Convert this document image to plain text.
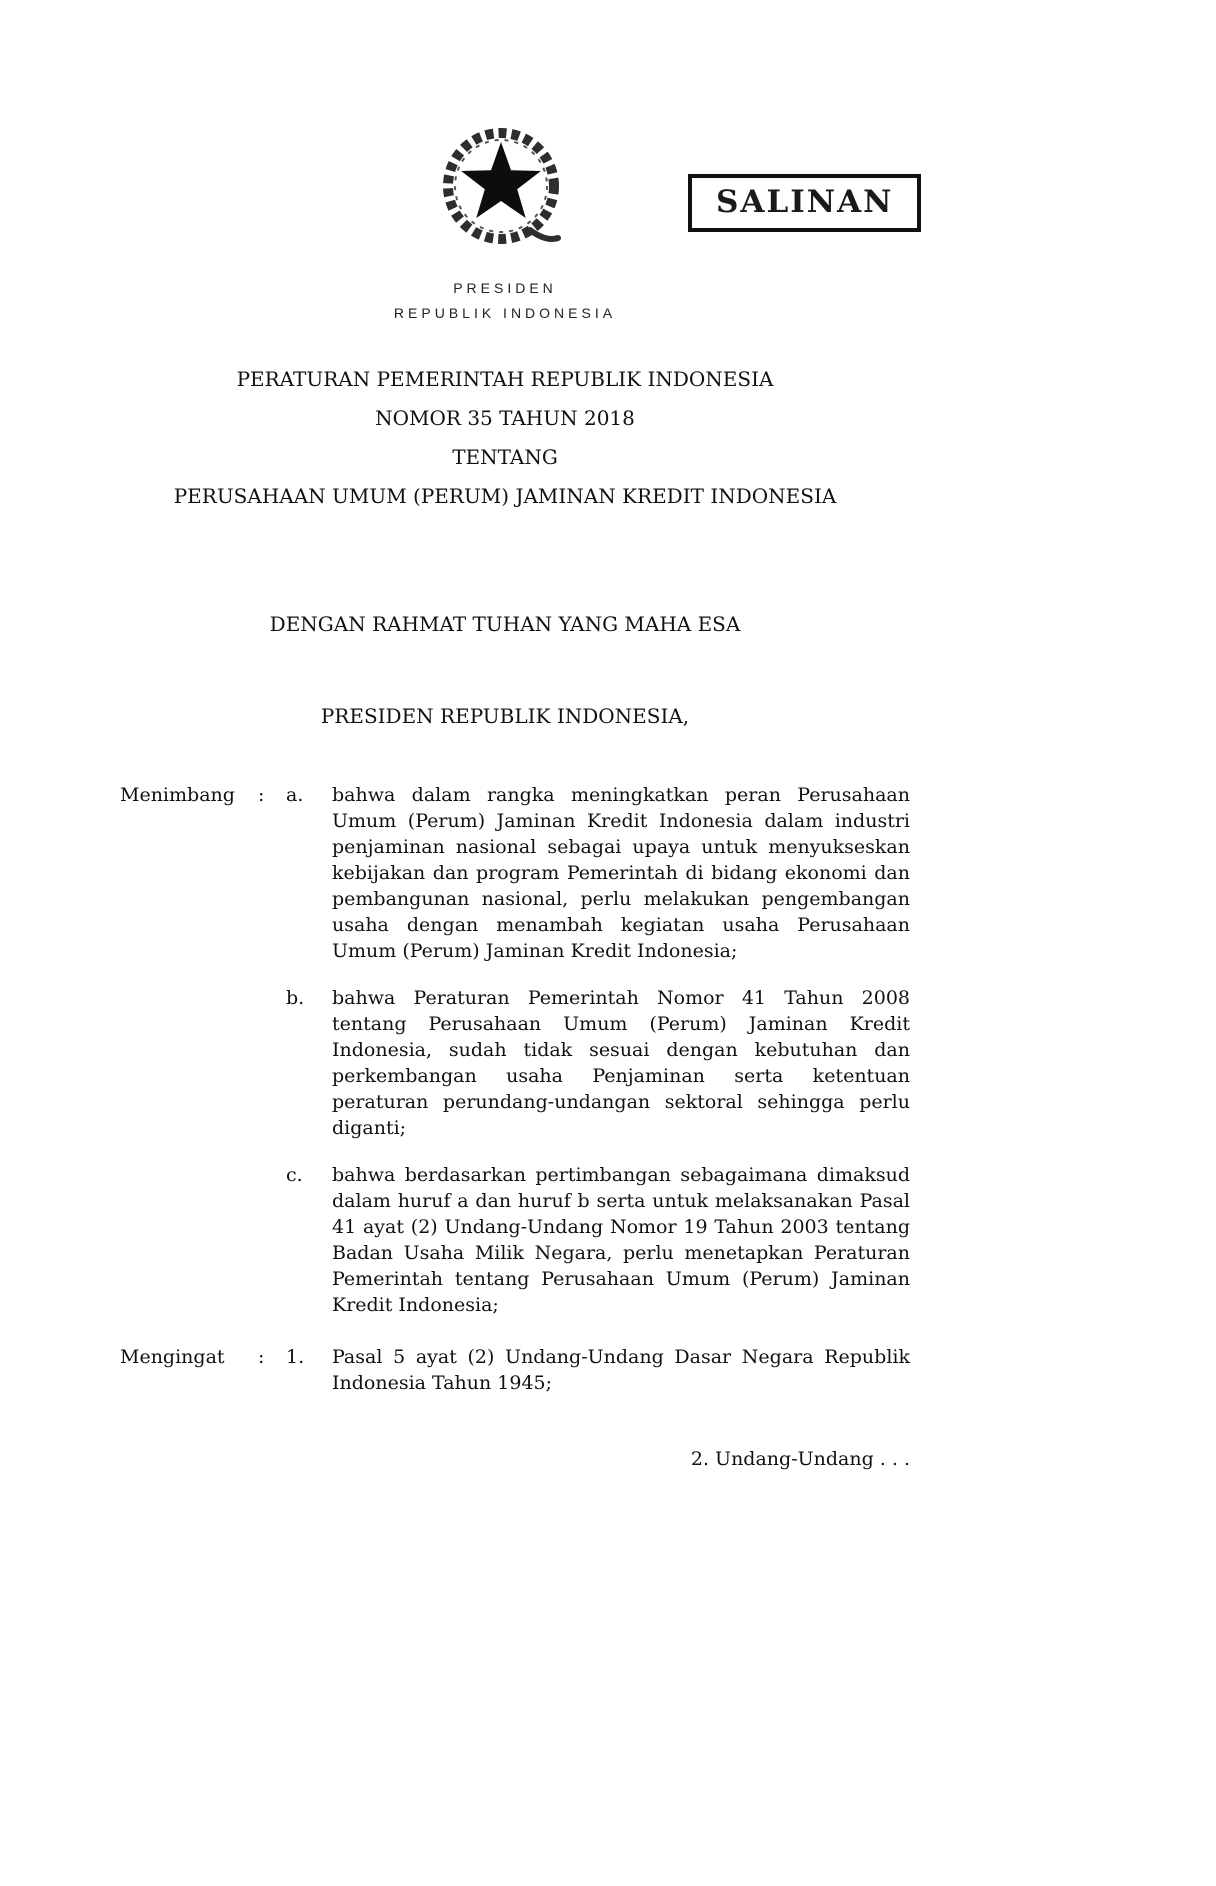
SALINAN
PRESIDEN
REPUBLIK INDONESIA
PERATURAN PEMERINTAH REPUBLIK INDONESIA
NOMOR 35 TAHUN 2018
TENTANG
PERUSAHAAN UMUM (PERUM) JAMINAN KREDIT INDONESIA
DENGAN RAHMAT TUHAN YANG MAHA ESA
PRESIDEN REPUBLIK INDONESIA,
Menimbang	:	a.	bahwa dalam rangka meningkatkan peran Perusahaan Umum (Perum) Jaminan Kredit Indonesia dalam industri penjaminan nasional sebagai upaya untuk menyukseskan kebijakan dan program Pemerintah di bidang ekonomi dan pembangunan nasional, perlu melakukan pengembangan usaha dengan menambah kegiatan usaha Perusahaan Umum (Perum) Jaminan Kredit Indonesia;
b.	bahwa Peraturan Pemerintah Nomor 41 Tahun 2008 tentang Perusahaan Umum (Perum) Jaminan Kredit Indonesia, sudah tidak sesuai dengan kebutuhan dan perkembangan usaha Penjaminan serta ketentuan peraturan perundang-undangan sektoral sehingga perlu diganti;
c.	bahwa berdasarkan pertimbangan sebagaimana dimaksud dalam huruf a dan huruf b serta untuk melaksanakan Pasal 41 ayat (2) Undang-Undang Nomor 19 Tahun 2003 tentang Badan Usaha Milik Negara, perlu menetapkan Peraturan Pemerintah tentang Perusahaan Umum (Perum) Jaminan Kredit Indonesia;
Mengingat	:	1.	Pasal 5 ayat (2) Undang-Undang Dasar Negara Republik Indonesia Tahun 1945;
2. Undang-Undang . . .
